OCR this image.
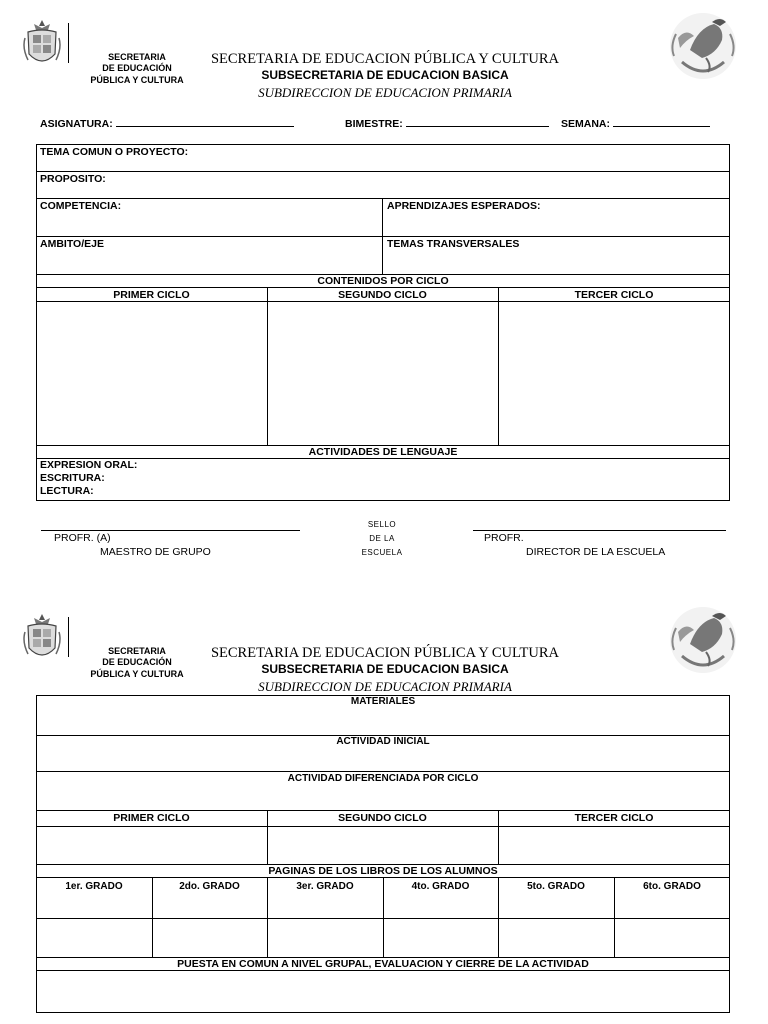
SECRETARIA
DE EDUCACIÓN
PÚBLICA Y CULTURA
SECRETARIA DE EDUCACION PÚBLICA Y CULTURA
SUBSECRETARIA DE EDUCACION BASICA
SUBDIRECCION DE EDUCACION PRIMARIA
ASIGNATURA:	BIMESTRE:	SEMANA:
TEMA COMUN O PROYECTO:
PROPOSITO:
COMPETENCIA:	APRENDIZAJES ESPERADOS:
AMBITO/EJE	TEMAS TRANSVERSALES
CONTENIDOS POR CICLO
PRIMER CICLO	SEGUNDO CICLO	TERCER CICLO
ACTIVIDADES DE LENGUAJE
EXPRESION ORAL:
ESCRITURA:
LECTURA:
PROFR. (A)
MAESTRO DE GRUPO
SELLO
DE LA
ESCUELA
PROFR.
DIRECTOR DE LA ESCUELA
SECRETARIA
DE EDUCACIÓN
PÚBLICA Y CULTURA
SECRETARIA DE EDUCACION PÚBLICA Y CULTURA
SUBSECRETARIA DE EDUCACION BASICA
SUBDIRECCION DE EDUCACION PRIMARIA
MATERIALES
ACTIVIDAD INICIAL
ACTIVIDAD DIFERENCIADA POR CICLO
PRIMER CICLO	SEGUNDO CICLO	TERCER CICLO
PAGINAS DE LOS LIBROS DE LOS ALUMNOS
1er. GRADO	2do. GRADO	3er. GRADO	4to. GRADO	5to. GRADO	6to. GRADO
PUESTA EN COMUN A NIVEL GRUPAL, EVALUACION Y CIERRE DE LA ACTIVIDAD
